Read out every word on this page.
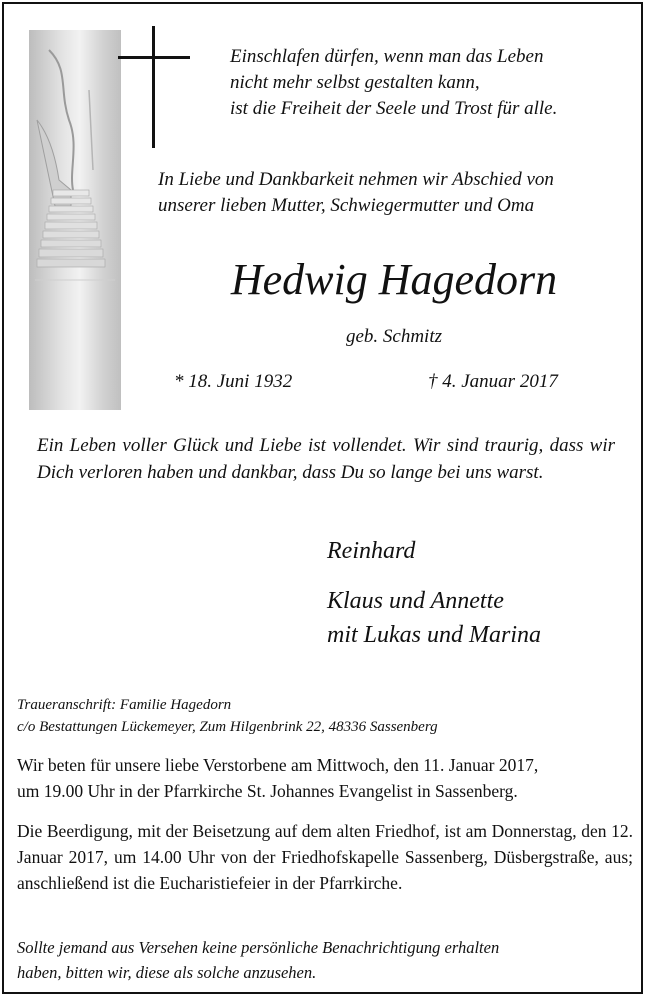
Einschlafen dürfen, wenn man das Leben
nicht mehr selbst gestalten kann,
ist die Freiheit der Seele und Trost für alle.
In Liebe und Dankbarkeit nehmen wir Abschied von
unserer lieben Mutter, Schwiegermutter und Oma
Hedwig Hagedorn
geb. Schmitz
* 18. Juni 1932	† 4. Januar 2017
Ein Leben voller Glück und Liebe ist vollendet. Wir sind traurig, dass wir Dich verloren haben und dankbar, dass Du so lange bei uns warst.
Reinhard
Klaus und Annette
mit Lukas und Marina
Traueranschrift: Familie Hagedorn
c/o Bestattungen Lückemeyer, Zum Hilgenbrink 22, 48336 Sassenberg
Wir beten für unsere liebe Verstorbene am Mittwoch, den 11. Januar 2017,
um 19.00 Uhr in der Pfarrkirche St. Johannes Evangelist in Sassenberg.
Die Beerdigung, mit der Beisetzung auf dem alten Friedhof, ist am Donnerstag, den 12. Januar 2017, um 14.00 Uhr von der Friedhofskapelle Sassenberg, Düsbergstraße, aus; anschließend ist die Eucharistiefeier in der Pfarrkirche.
Sollte jemand aus Versehen keine persönliche Benachrichtigung erhalten
haben, bitten wir, diese als solche anzusehen.
